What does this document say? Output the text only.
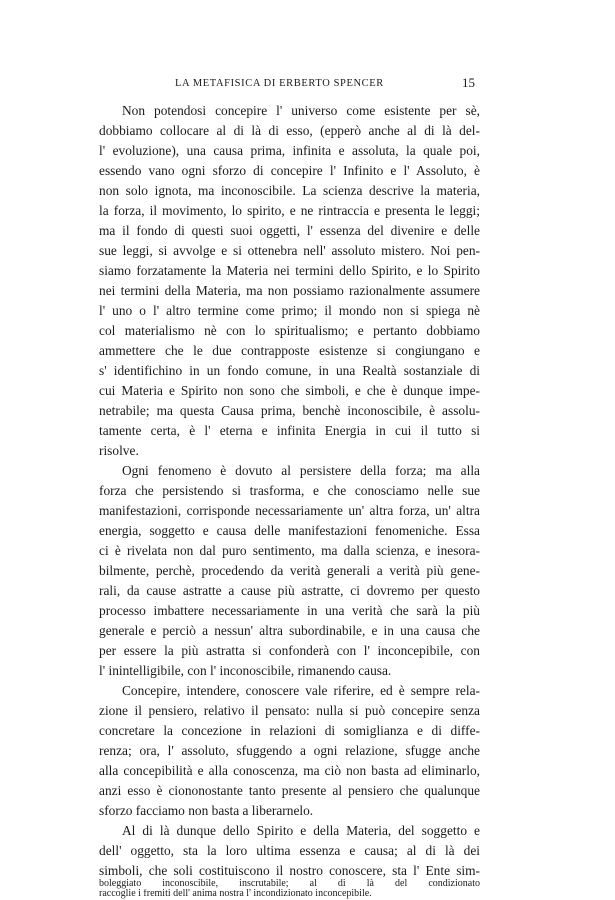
LA METAFISICA DI ERBERTO SPENCER	15
Non potendosi concepire l' universo come esistente per sè,
dobbiamo collocare al di là di esso, (epperò anche al di là del-
l' evoluzione), una causa prima, infinita e assoluta, la quale poi,
essendo vano ogni sforzo di concepire l' Infinito e l' Assoluto, è
non solo ignota, ma inconoscibile. La scienza descrive la materia,
la forza, il movimento, lo spirito, e ne rintraccia e presenta le leggi;
ma il fondo di questi suoi oggetti, l' essenza del divenire e delle
sue leggi, si avvolge e si ottenebra nell' assoluto mistero. Noi pen-
siamo forzatamente la Materia nei termini dello Spirito, e lo Spirito
nei termini della Materia, ma non possiamo razionalmente assumere
l' uno o l' altro termine come primo; il mondo non si spiega nè
col materialismo nè con lo spiritualismo; e pertanto dobbiamo
ammettere che le due contrapposte esistenze si congiungano e
s' identifichino in un fondo comune, in una Realtà sostanziale di
cui Materia e Spirito non sono che simboli, e che è dunque impe-
netrabile; ma questa Causa prima, benchè inconoscibile, è assolu-
tamente certa, è l' eterna e infinita Energia in cui il tutto si
risolve.
Ogni fenomeno è dovuto al persistere della forza; ma alla
forza che persistendo si trasforma, e che conosciamo nelle sue
manifestazioni, corrisponde necessariamente un' altra forza, un' altra
energia, soggetto e causa delle manifestazioni fenomeniche. Essa
ci è rivelata non dal puro sentimento, ma dalla scienza, e inesora-
bilmente, perchè, procedendo da verità generali a verità più gene-
rali, da cause astratte a cause più astratte, ci dovremo per questo
processo imbattere necessariamente in una verità che sarà la più
generale e perciò a nessun' altra subordinabile, e in una causa che
per essere la più astratta si confonderà con l' inconcepibile, con
l' inintelligibile, con l' inconoscibile, rimanendo causa.
Concepire, intendere, conoscere vale riferire, ed è sempre rela-
zione il pensiero, relativo il pensato: nulla si può concepire senza
concretare la concezione in relazioni di somiglianza e di diffe-
renza; ora, l' assoluto, sfuggendo a ogni relazione, sfugge anche
alla concepibilità e alla conoscenza, ma ciò non basta ad eliminarlo,
anzi esso è ciononostante tanto presente al pensiero che qualunque
sforzo facciamo non basta a liberarnelo.
Al di là dunque dello Spirito e della Materia, del soggetto e
dell' oggetto, sta la loro ultima essenza e causa; al di là dei
simboli, che soli costituiscono il nostro conoscere, sta l' Ente sim-
boleggiato inconoscibile, inscrutabile; al di là del condizionato
raccoglie i fremiti dell' anima nostra l' incondizionato inconcepibile.
